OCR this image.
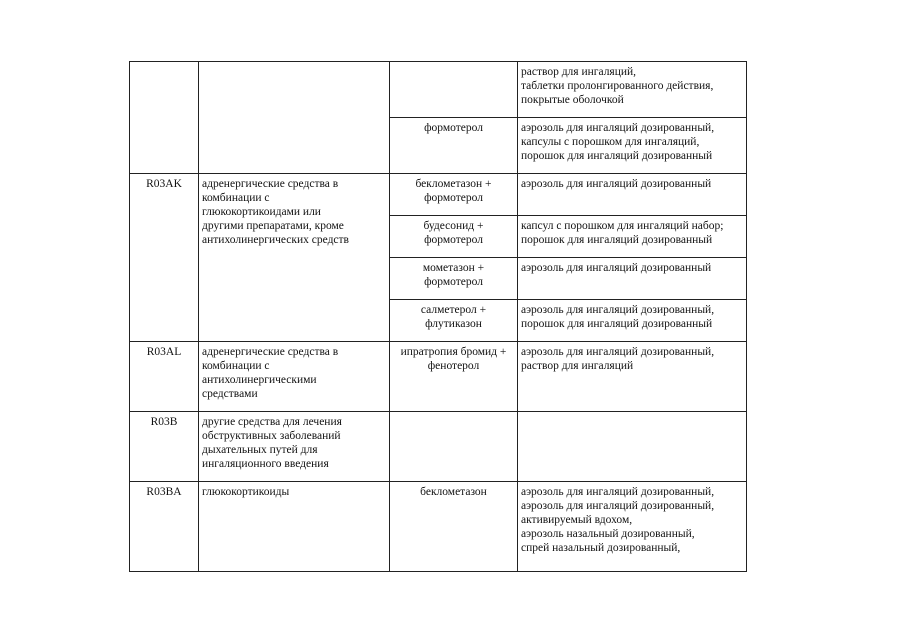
			раствор для ингаляций,
таблетки пролонгированного действия,
покрытые оболочкой

		формотерол	аэрозоль для ингаляций дозированный,
капсулы с порошком для ингаляций,
порошок для ингаляций дозированный

R03AK	адренергические средства в
комбинации с
глюкокортикоидами или
другими препаратами, кроме
антихолинергических средств	беклометазон +
формотерол	аэрозоль для ингаляций дозированный

		будесонид +
формотерол	капсул с порошком для ингаляций набор;
порошок для ингаляций дозированный

		мометазон +
формотерол	аэрозоль для ингаляций дозированный

		салметерол +
флутиказон	аэрозоль для ингаляций дозированный,
порошок для ингаляций дозированный

R03AL	адренергические средства в
комбинации с
антихолинергическими
средствами	ипратропия бромид +
фенотерол	аэрозоль для ингаляций дозированный,
раствор для ингаляций

R03B	другие средства для лечения
обструктивных заболеваний
дыхательных путей для
ингаляционного введения		

R03BA	глюкокортикоиды	беклометазон	аэрозоль для ингаляций дозированный,
аэрозоль для ингаляций дозированный,
активируемый вдохом,
аэрозоль назальный дозированный,
спрей назальный дозированный,
